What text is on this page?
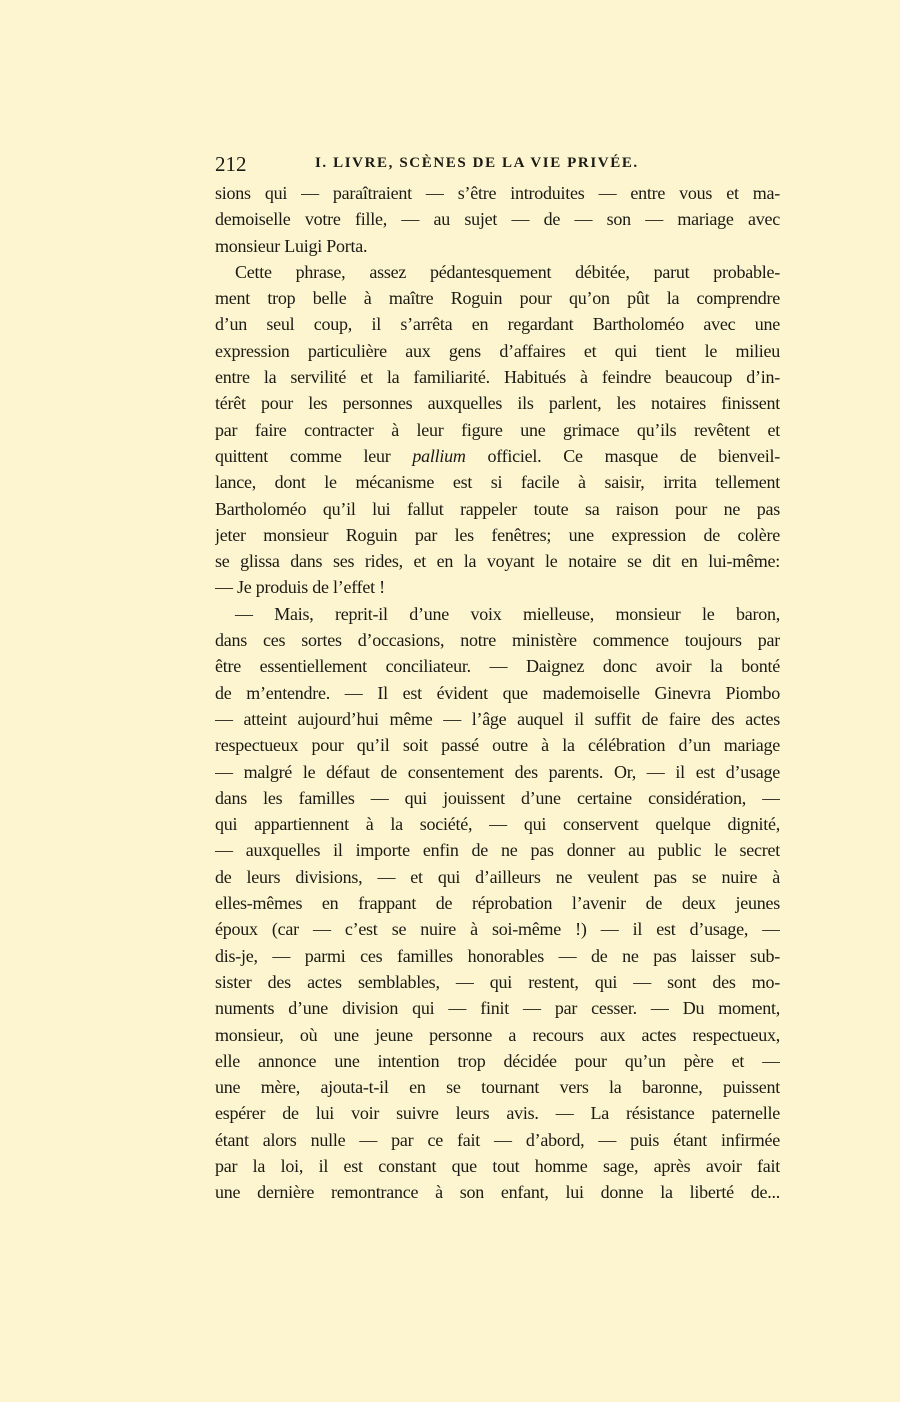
212	I. LIVRE, SCÈNES DE LA VIE PRIVÉE.
sions qui — paraîtraient — s’être introduites — entre vous et ma-
demoiselle votre fille, — au sujet — de — son — mariage avec
monsieur Luigi Porta.
Cette phrase, assez pédantesquement débitée, parut probable-
ment trop belle à maître Roguin pour qu’on pût la comprendre
d’un seul coup, il s’arrêta en regardant Bartholoméo avec une
expression particulière aux gens d’affaires et qui tient le milieu
entre la servilité et la familiarité. Habitués à feindre beaucoup d’in-
térêt pour les personnes auxquelles ils parlent, les notaires finissent
par faire contracter à leur figure une grimace qu’ils revêtent et
quittent comme leur pallium officiel. Ce masque de bienveil-
lance, dont le mécanisme est si facile à saisir, irrita tellement
Bartholoméo qu’il lui fallut rappeler toute sa raison pour ne pas
jeter monsieur Roguin par les fenêtres; une expression de colère
se glissa dans ses rides, et en la voyant le notaire se dit en lui-même:
— Je produis de l’effet !
— Mais, reprit-il d’une voix mielleuse, monsieur le baron,
dans ces sortes d’occasions, notre ministère commence toujours par
être essentiellement conciliateur. — Daignez donc avoir la bonté
de m’entendre. — Il est évident que mademoiselle Ginevra Piombo
— atteint aujourd’hui même — l’âge auquel il suffit de faire des actes
respectueux pour qu’il soit passé outre à la célébration d’un mariage
— malgré le défaut de consentement des parents. Or, — il est d’usage
dans les familles — qui jouissent d’une certaine considération, —
qui appartiennent à la société, — qui conservent quelque dignité,
— auxquelles il importe enfin de ne pas donner au public le secret
de leurs divisions, — et qui d’ailleurs ne veulent pas se nuire à
elles-mêmes en frappant de réprobation l’avenir de deux jeunes
époux (car — c’est se nuire à soi-même !) — il est d’usage, —
dis-je, — parmi ces familles honorables — de ne pas laisser sub-
sister des actes semblables, — qui restent, qui — sont des mo-
numents d’une division qui — finit — par cesser. — Du moment,
monsieur, où une jeune personne a recours aux actes respectueux,
elle annonce une intention trop décidée pour qu’un père et —
une mère, ajouta-t-il en se tournant vers la baronne, puissent
espérer de lui voir suivre leurs avis. — La résistance paternelle
étant alors nulle — par ce fait — d’abord, — puis étant infirmée
par la loi, il est constant que tout homme sage, après avoir fait
une dernière remontrance à son enfant, lui donne la liberté de...
